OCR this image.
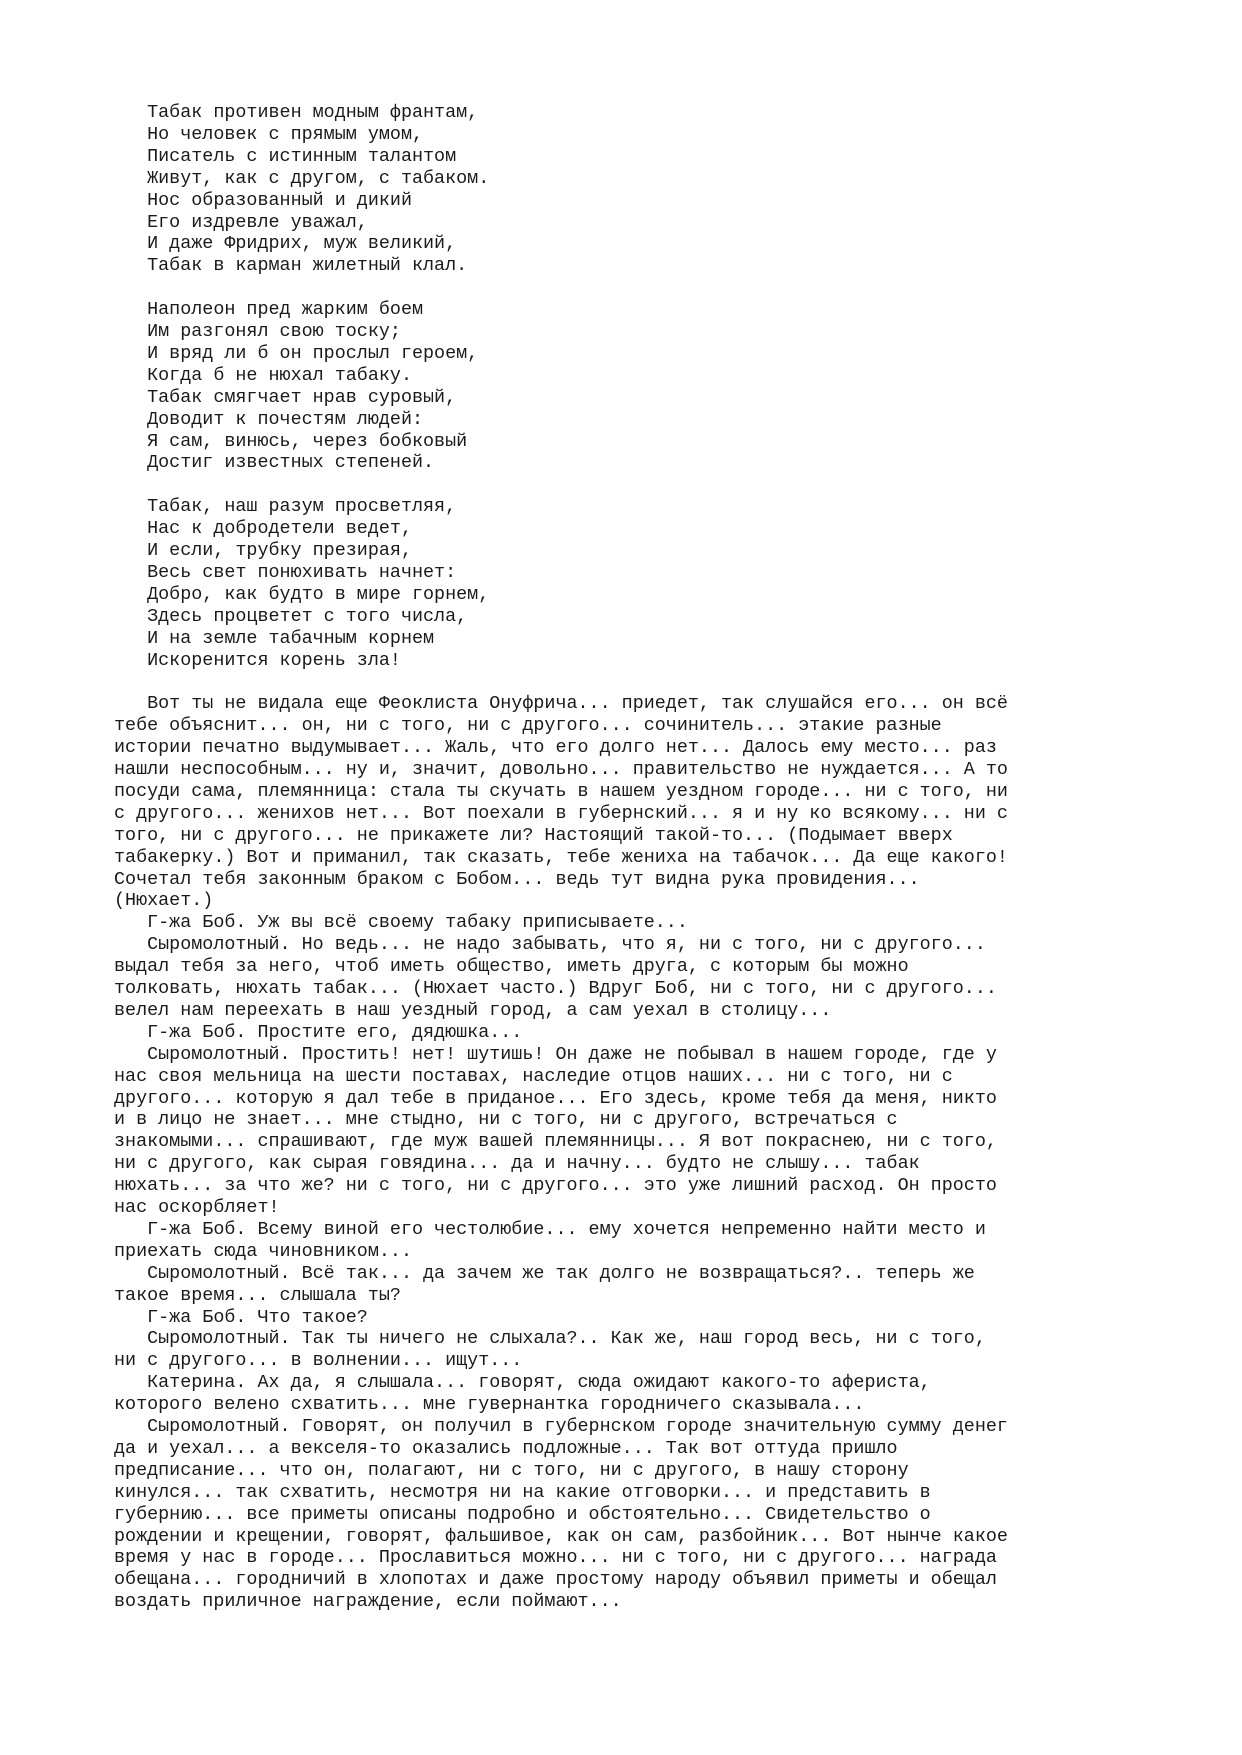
Табак противен модным франтам,
Но человек с прямым умом,
Писатель с истинным талантом
Живут, как с другом, с табаком.
Нос образованный и дикий
Его издревле уважал,
И даже Фридрих, муж великий,
Табак в карман жилетный клал.
Наполеон пред жарким боем
Им разгонял свою тоску;
И вряд ли б он прослыл героем,
Когда б не нюхал табаку.
Табак смягчает нрав суровый,
Доводит к почестям людей:
Я сам, винюсь, через бобковый
Достиг известных степеней.
Табак, наш разум просветляя,
Нас к добродетели ведет,
И если, трубку презирая,
Весь свет понюхивать начнет:
Добро, как будто в мире горнем,
Здесь процветет с того числа,
И на земле табачным корнем
Искоренится корень зла!
Вот ты не видала еще Феоклиста Онуфрича... приедет, так слушайся его... он всё
тебе объяснит... он, ни с того, ни с другого... сочинитель... этакие разные
истории печатно выдумывает... Жаль, что его долго нет... Далось ему место... раз
нашли неспособным... ну и, значит, довольно... правительство не нуждается... А то
посуди сама, племянница: стала ты скучать в нашем уездном городе... ни с того, ни
с другого... женихов нет... Вот поехали в губернский... я и ну ко всякому... ни с
того, ни с другого... не прикажете ли? Настоящий такой-то... (Подымает вверх
табакерку.) Вот и приманил, так сказать, тебе жениха на табачок... Да еще какого!
Сочетал тебя законным браком с Бобом... ведь тут видна рука провидения...
(Нюхает.)
Г-жа Боб. Уж вы всё своему табаку приписываете...
Сыромолотный. Но ведь... не надо забывать, что я, ни с того, ни с другого...
выдал тебя за него, чтоб иметь общество, иметь друга, с которым бы можно
толковать, нюхать табак... (Нюхает часто.) Вдруг Боб, ни с того, ни с другого...
велел нам переехать в наш уездный город, а сам уехал в столицу...
Г-жа Боб. Простите его, дядюшка...
Сыромолотный. Простить! нет! шутишь! Он даже не побывал в нашем городе, где у
нас своя мельница на шести поставах, наследие отцов наших... ни с того, ни с
другого... которую я дал тебе в приданое... Его здесь, кроме тебя да меня, никто
и в лицо не знает... мне стыдно, ни с того, ни с другого, встречаться с
знакомыми... спрашивают, где муж вашей племянницы... Я вот покраснею, ни с того,
ни с другого, как сырая говядина... да и начну... будто не слышу... табак
нюхать... за что же? ни с того, ни с другого... это уже лишний расход. Он просто
нас оскорбляет!
Г-жа Боб. Всему виной его честолюбие... ему хочется непременно найти место и
приехать сюда чиновником...
Сыромолотный. Всё так... да зачем же так долго не возвращаться?.. теперь же
такое время... слышала ты?
Г-жа Боб. Что такое?
Сыромолотный. Так ты ничего не слыхала?.. Как же, наш город весь, ни с того,
ни с другого... в волнении... ищут...
Катерина. Ах да, я слышала... говорят, сюда ожидают какого-то афериста,
которого велено схватить... мне гувернантка городничего сказывала...
Сыромолотный. Говорят, он получил в губернском городе значительную сумму денег
да и уехал... а векселя-то оказались подложные... Так вот оттуда пришло
предписание... что он, полагают, ни с того, ни с другого, в нашу сторону
кинулся... так схватить, несмотря ни на какие отговорки... и представить в
губернию... все приметы описаны подробно и обстоятельно... Свидетельство о
рождении и крещении, говорят, фальшивое, как он сам, разбойник... Вот нынче какое
время у нас в городе... Прославиться можно... ни с того, ни с другого... награда
обещана... городничий в хлопотах и даже простому народу объявил приметы и обещал
воздать приличное награждение, если поймают...
